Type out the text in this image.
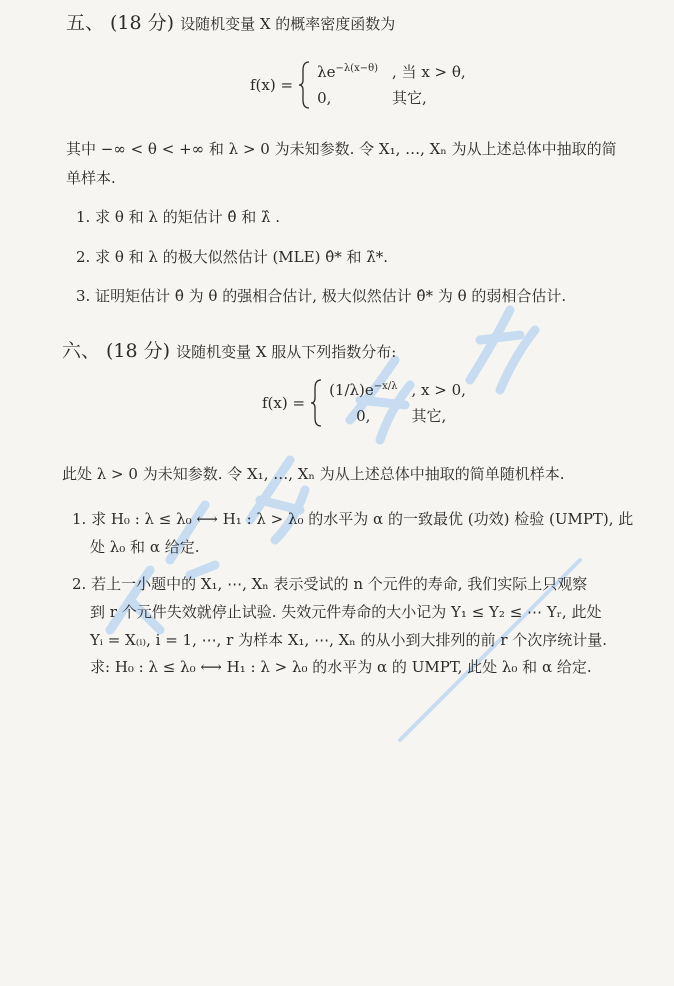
五、 (18 分) 设随机变量 X 的概率密度函数为
f(x) =
$\lambda e^{-\lambda(x-\theta)}$ , 当 x > θ,
0,	其它,
其中 −∞ < θ < +∞ 和 λ > 0 为未知参数. 令 X₁, …, Xₙ 为从上述总体中抽取的简
单样本.
1. 求 θ 和 λ 的矩估计 θ̂ 和 λ̂ .
2. 求 θ 和 λ 的极大似然估计 (MLE) θ̂* 和 λ̂*.
3. 证明矩估计 θ̂ 为 θ 的强相合估计, 极大似然估计 θ̂* 为 θ 的弱相合估计.
六、 (18 分) 设随机变量 X 服从下列指数分布:
f(x) =
$(1/\lambda)e^{-x/\lambda}$ , x > 0,
0,	其它,
此处 λ > 0 为未知参数. 令 X₁, …, Xₙ 为从上述总体中抽取的简单随机样本.
1. 求 H₀ : λ ≤ λ₀ ⟷ H₁ : λ > λ₀ 的水平为 α 的一致最优 (功效) 检验 (UMPT), 此
处 λ₀ 和 α 给定.
2. 若上一小题中的 X₁, ⋯, Xₙ 表示受试的 n 个元件的寿命, 我们实际上只观察
到 r 个元件失效就停止试验. 失效元件寿命的大小记为 Y₁ ≤ Y₂ ≤ ⋯ Yᵣ, 此处
Yᵢ = X₍ᵢ₎, i = 1, ⋯, r 为样本 X₁, ⋯, Xₙ 的从小到大排列的前 r 个次序统计量.
求: H₀ : λ ≤ λ₀ ⟷ H₁ : λ > λ₀ 的水平为 α 的 UMPT, 此处 λ₀ 和 α 给定.
